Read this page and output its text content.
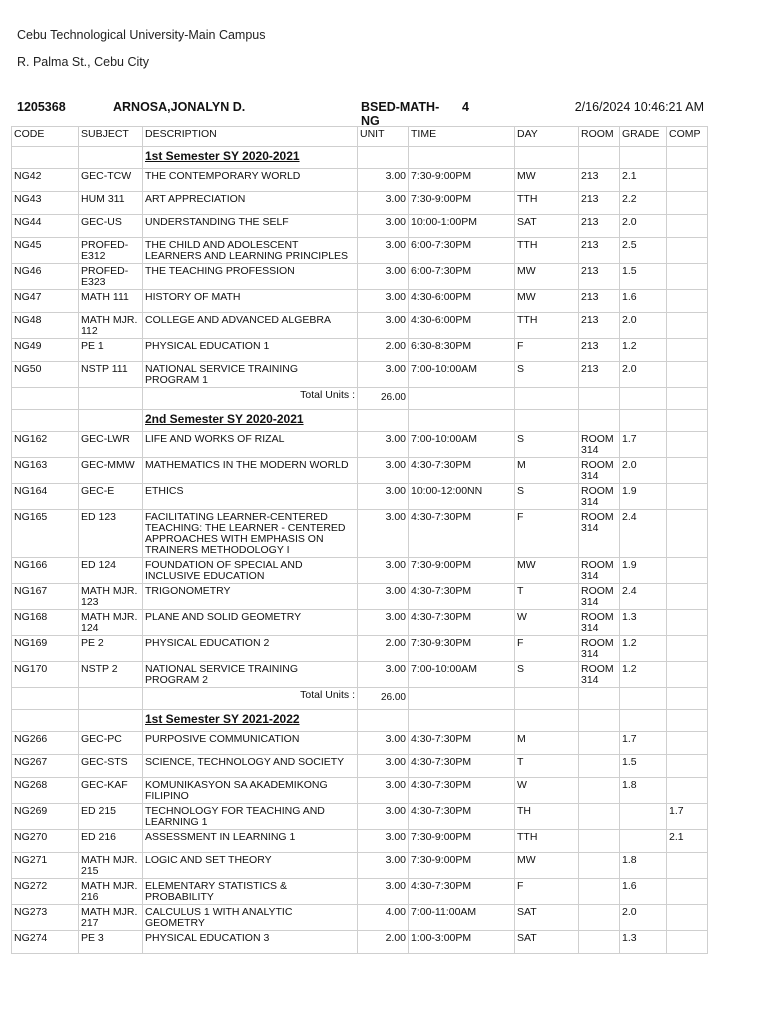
Cebu Technological University-Main Campus
R. Palma St., Cebu City
1205368	ARNOSA,JONALYN D.	BSED-MATH-NG
4	2/16/2024 10:46:21 AM
CODE	SUBJECT	DESCRIPTION	UNIT	TIME	DAY	ROOM	GRADE	COMP
		1st Semester SY 2020-2021						
NG42	GEC-TCW	THE CONTEMPORARY WORLD	3.00	7:30-9:00PM	MW	213	2.1	
NG43	HUM 311	ART APPRECIATION	3.00	7:30-9:00PM	TTH	213	2.2	
NG44	GEC-US	UNDERSTANDING THE SELF	3.00	10:00-1:00PM	SAT	213	2.0	
NG45	PROFED-E312	THE CHILD AND ADOLESCENT LEARNERS AND LEARNING PRINCIPLES	3.00	6:00-7:30PM	TTH	213	2.5	
NG46	PROFED-E323	THE TEACHING PROFESSION	3.00	6:00-7:30PM	MW	213	1.5	
NG47	MATH 111	HISTORY OF MATH	3.00	4:30-6:00PM	MW	213	1.6	
NG48	MATH MJR. 112	COLLEGE AND ADVANCED ALGEBRA	3.00	4:30-6:00PM	TTH	213	2.0	
NG49	PE 1	PHYSICAL EDUCATION 1	2.00	6:30-8:30PM	F	213	1.2	
NG50	NSTP 111	NATIONAL SERVICE TRAINING PROGRAM 1	3.00	7:00-10:00AM	S	213	2.0	
		Total Units :	26.00					
		2nd Semester SY 2020-2021						
NG162	GEC-LWR	LIFE AND WORKS OF RIZAL	3.00	7:00-10:00AM	S	ROOM 314	1.7	
NG163	GEC-MMW	MATHEMATICS IN THE MODERN WORLD	3.00	4:30-7:30PM	M	ROOM 314	2.0	
NG164	GEC-E	ETHICS	3.00	10:00-12:00NN	S	ROOM 314	1.9	
NG165	ED 123	FACILITATING LEARNER-CENTERED TEACHING: THE LEARNER - CENTERED APPROACHES WITH EMPHASIS ON TRAINERS METHODOLOGY I	3.00	4:30-7:30PM	F	ROOM 314	2.4	
NG166	ED 124	FOUNDATION OF SPECIAL AND INCLUSIVE EDUCATION	3.00	7:30-9:00PM	MW	ROOM 314	1.9	
NG167	MATH MJR. 123	TRIGONOMETRY	3.00	4:30-7:30PM	T	ROOM 314	2.4	
NG168	MATH MJR. 124	PLANE AND SOLID GEOMETRY	3.00	4:30-7:30PM	W	ROOM 314	1.3	
NG169	PE 2	PHYSICAL EDUCATION 2	2.00	7:30-9:30PM	F	ROOM 314	1.2	
NG170	NSTP 2	NATIONAL SERVICE TRAINING PROGRAM 2	3.00	7:00-10:00AM	S	ROOM 314	1.2	
		Total Units :	26.00					
		1st Semester SY 2021-2022						
NG266	GEC-PC	PURPOSIVE COMMUNICATION	3.00	4:30-7:30PM	M		1.7	
NG267	GEC-STS	SCIENCE, TECHNOLOGY AND SOCIETY	3.00	4:30-7:30PM	T		1.5	
NG268	GEC-KAF	KOMUNIKASYON SA AKADEMIKONG FILIPINO	3.00	4:30-7:30PM	W		1.8	
NG269	ED 215	TECHNOLOGY FOR TEACHING AND LEARNING 1	3.00	4:30-7:30PM	TH			1.7
NG270	ED 216	ASSESSMENT IN LEARNING 1	3.00	7:30-9:00PM	TTH			2.1
NG271	MATH MJR. 215	LOGIC AND SET THEORY	3.00	7:30-9:00PM	MW		1.8	
NG272	MATH MJR. 216	ELEMENTARY STATISTICS & PROBABILITY	3.00	4:30-7:30PM	F		1.6	
NG273	MATH MJR. 217	CALCULUS 1 WITH ANALYTIC GEOMETRY	4.00	7:00-11:00AM	SAT		2.0	
NG274	PE 3	PHYSICAL EDUCATION 3	2.00	1:00-3:00PM	SAT		1.3	
